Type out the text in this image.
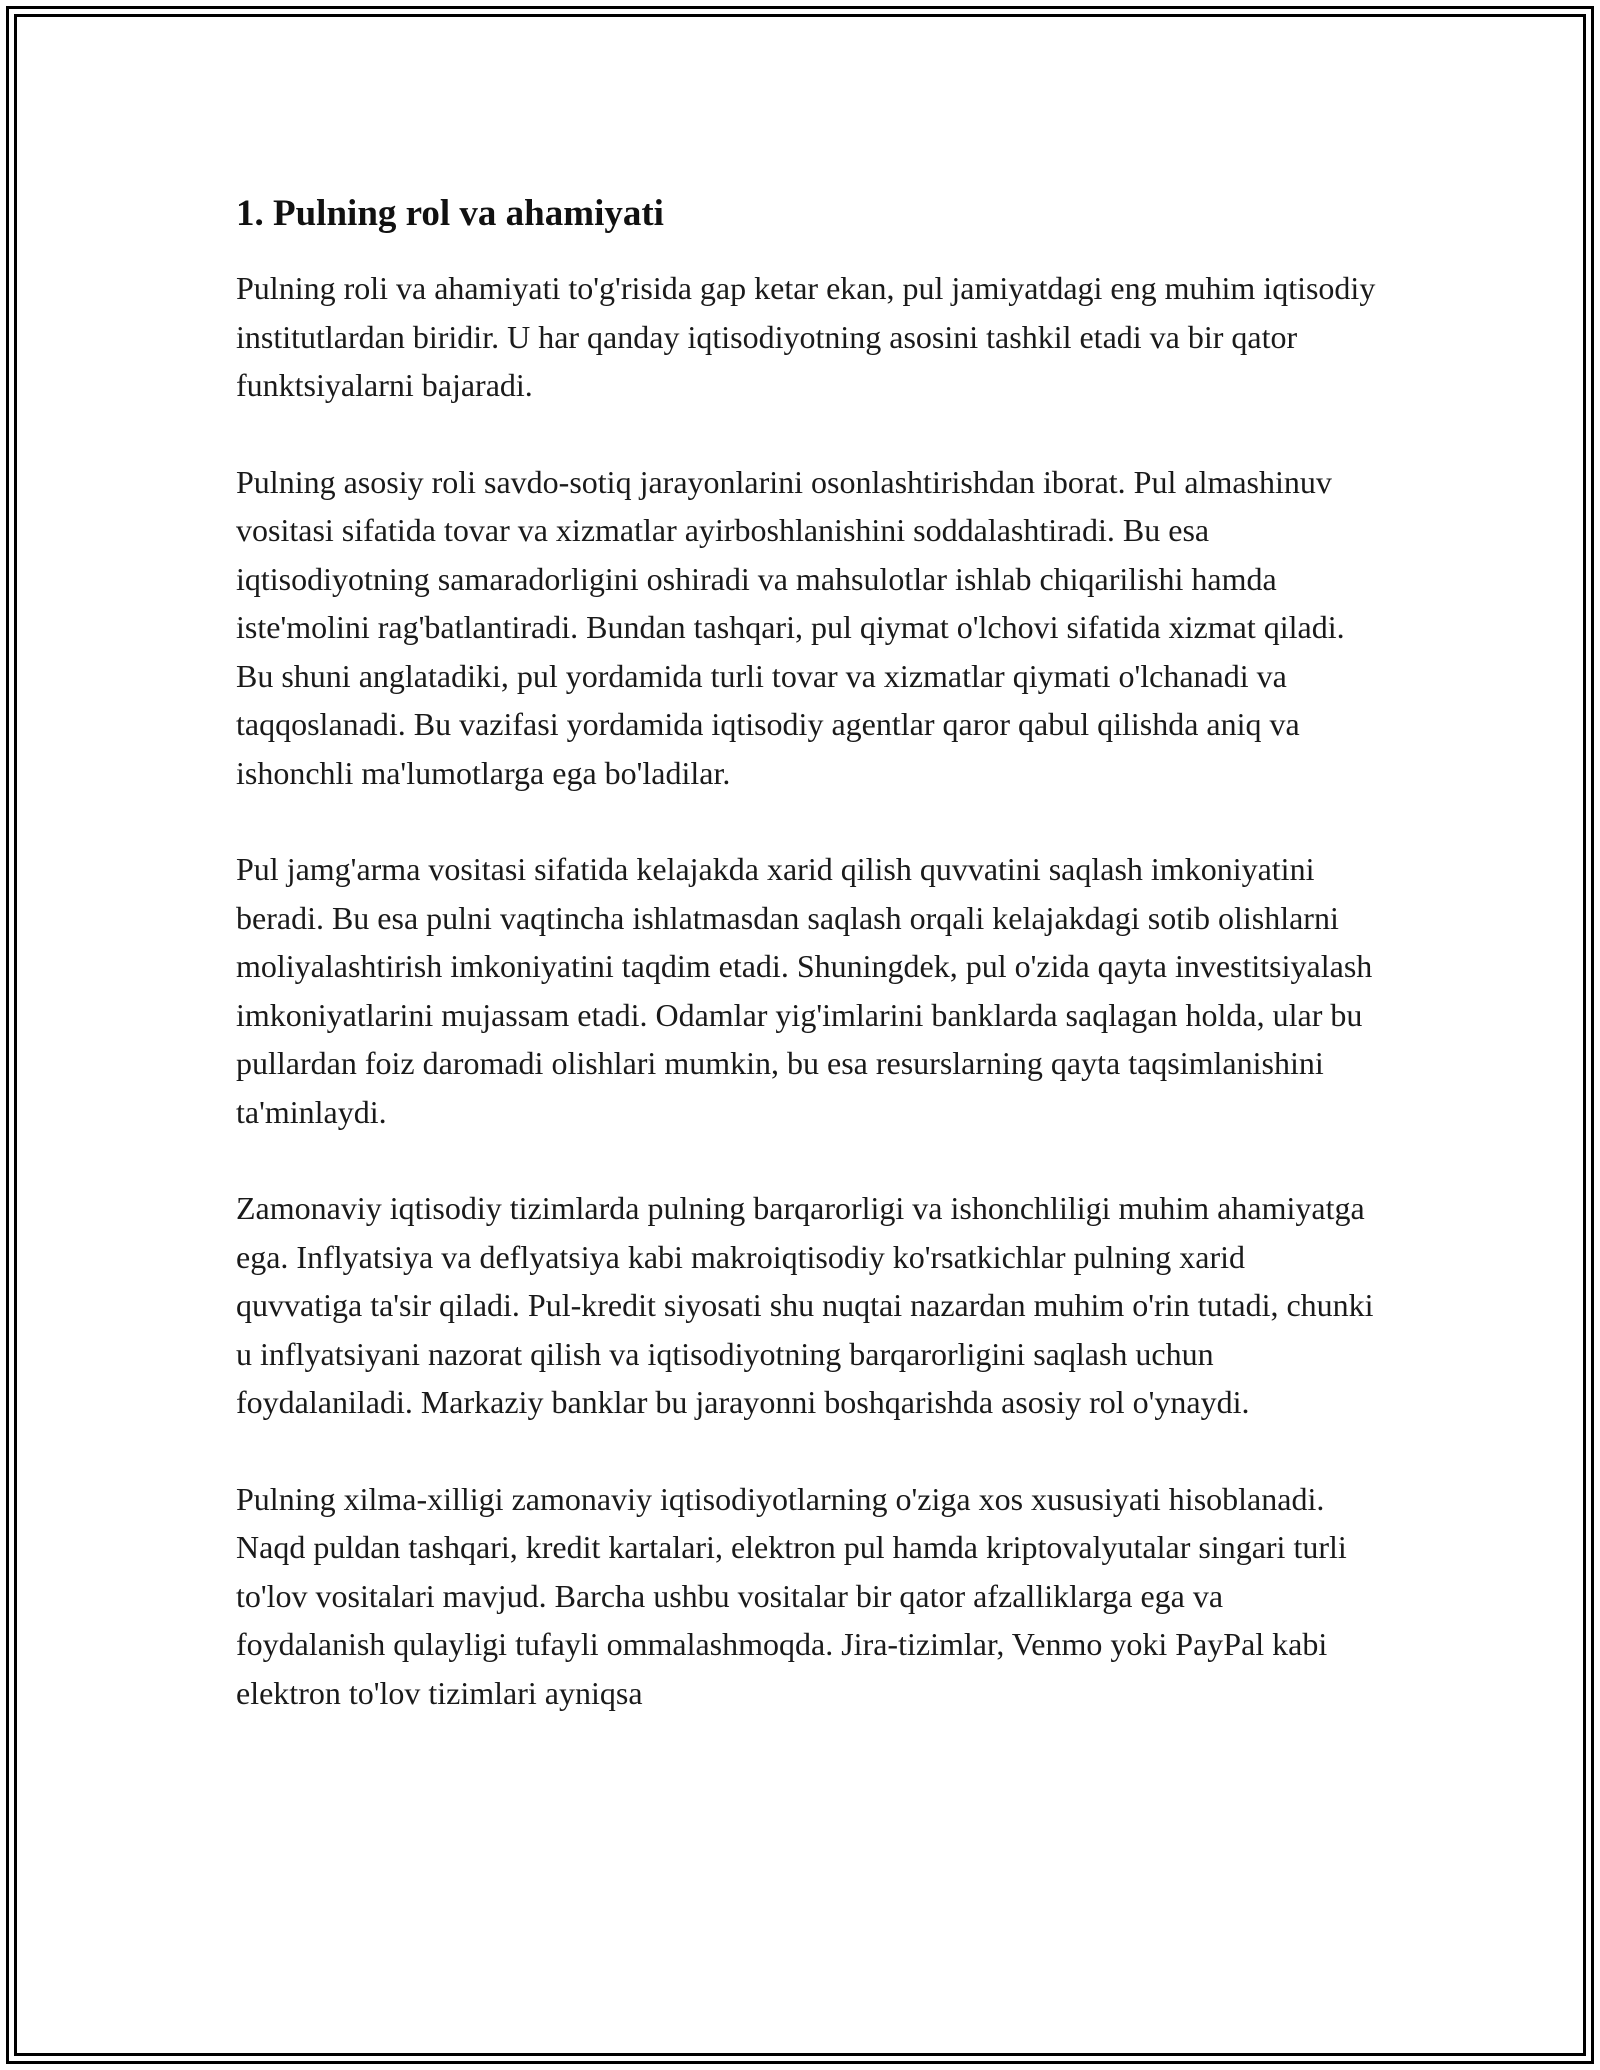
1. Pulning rol va ahamiyati

Pulning roli va ahamiyati to'g'risida gap ketar ekan, pul jamiyatdagi eng muhim iqtisodiy institutlardan biridir. U har qanday iqtisodiyotning asosini tashkil etadi va bir qator funktsiyalarni bajaradi.

Pulning asosiy roli savdo-sotiq jarayonlarini osonlashtirishdan iborat. Pul almashinuv vositasi sifatida tovar va xizmatlar ayirboshlanishini soddalashtiradi. Bu esa iqtisodiyotning samaradorligini oshiradi va mahsulotlar ishlab chiqarilishi hamda iste'molini rag'batlantiradi. Bundan tashqari, pul qiymat o'lchovi sifatida xizmat qiladi. Bu shuni anglatadiki, pul yordamida turli tovar va xizmatlar qiymati o'lchanadi va taqqoslanadi. Bu vazifasi yordamida iqtisodiy agentlar qaror qabul qilishda aniq va ishonchli ma'lumotlarga ega bo'ladilar.

Pul jamg'arma vositasi sifatida kelajakda xarid qilish quvvatini saqlash imkoniyatini beradi. Bu esa pulni vaqtincha ishlatmasdan saqlash orqali kelajakdagi sotib olishlarni moliyalashtirish imkoniyatini taqdim etadi. Shuningdek, pul o'zida qayta investitsiyalash imkoniyatlarini mujassam etadi. Odamlar yig'imlarini banklarda saqlagan holda, ular bu pullardan foiz daromadi olishlari mumkin, bu esa resurslarning qayta taqsimlanishini ta'minlaydi.

Zamonaviy iqtisodiy tizimlarda pulning barqarorligi va ishonchliligi muhim ahamiyatga ega. Inflyatsiya va deflyatsiya kabi makroiqtisodiy ko'rsatkichlar pulning xarid quvvatiga ta'sir qiladi. Pul-kredit siyosati shu nuqtai nazardan muhim o'rin tutadi, chunki u inflyatsiyani nazorat qilish va iqtisodiyotning barqarorligini saqlash uchun foydalaniladi. Markaziy banklar bu jarayonni boshqarishda asosiy rol o'ynaydi.

Pulning xilma-xilligi zamonaviy iqtisodiyotlarning o'ziga xos xususiyati hisoblanadi. Naqd puldan tashqari, kredit kartalari, elektron pul hamda kriptovalyutalar singari turli to'lov vositalari mavjud. Barcha ushbu vositalar bir qator afzalliklarga ega va foydalanish qulayligi tufayli ommalashmoqda. Jira-tizimlar, Venmo yoki PayPal kabi elektron to'lov tizimlari ayniqsa
